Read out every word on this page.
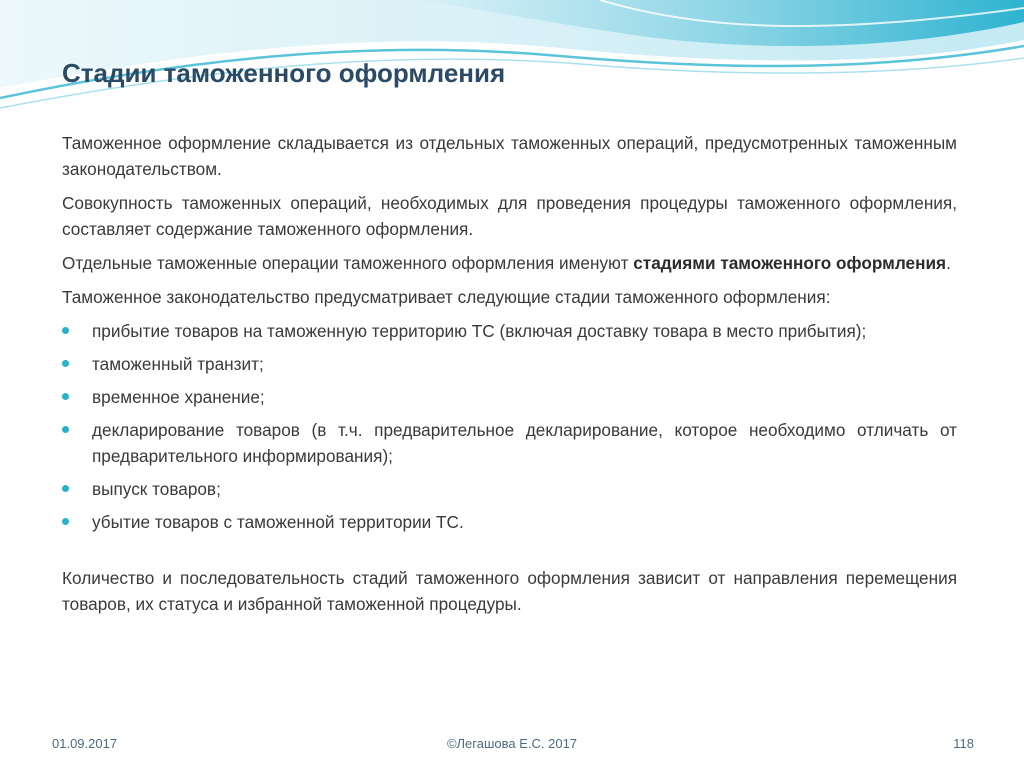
Стадии таможенного оформления

Таможенное оформление складывается из отдельных таможенных операций, предусмотренных таможенным законодательством.

Совокупность таможенных операций, необходимых для проведения процедуры таможенного оформления, составляет содержание таможенного оформления.

Отдельные таможенные операции таможенного оформления именуют стадиями таможенного оформления.

Таможенное законодательство предусматривает следующие стадии таможенного оформления:

прибытие товаров на таможенную территорию ТС (включая доставку товара в место прибытия);
таможенный транзит;
временное хранение;
декларирование товаров (в т.ч. предварительное декларирование, которое необходимо отличать от предварительного информирования);
выпуск товаров;
убытие товаров с таможенной территории ТС.

Количество и последовательность стадий таможенного оформления зависит от направления перемещения товаров, их статуса и избранной таможенной процедуры.

©Легашова Е.С. 2017
01.09.2017	118
